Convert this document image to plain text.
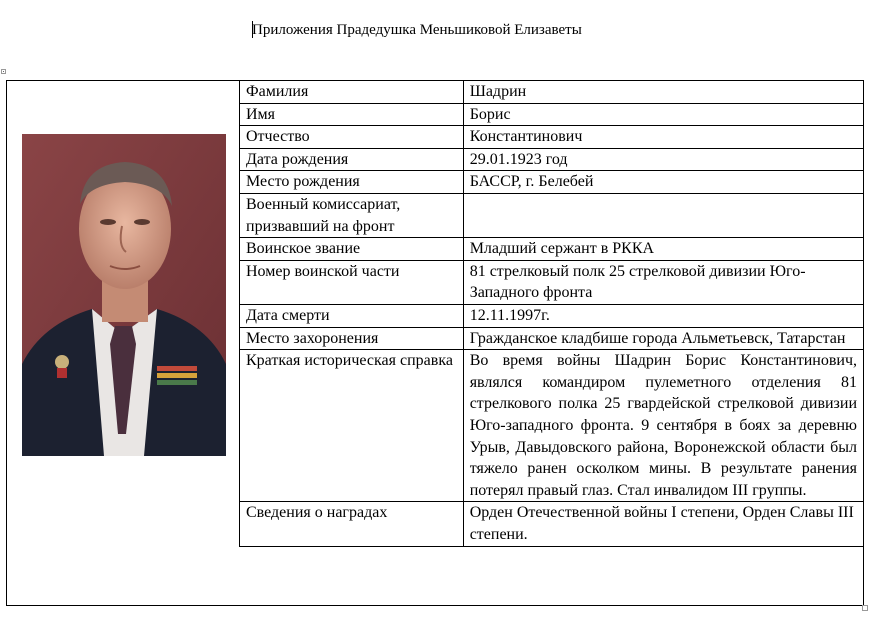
Приложения Прадедушка Меньшиковой Елизаветы
Фамилия	Шадрин
Имя	Борис
Отчество	Константинович
Дата рождения	29.01.1923 год
Место рождения	БАССР, г. Белебей
Военный комиссариат, призвавший на фронт	
Воинское звание	Младший сержант в РККА
Номер воинской части	81 стрелковый полк 25 стрелковой дивизии Юго-Западного фронта
Дата смерти	12.11.1997г.
Место захоронения	Гражданское кладбише города Альметьевск, Татарстан
Краткая историческая справка	Во время войны Шадрин Борис Константинович, являлся командиром пулеметного отделения 81 стрелкового полка 25 гвардейской стрелковой дивизии Юго-западного фронта. 9 сентября в боях за деревню Урыв, Давыдовского района, Воронежской области был тяжело ранен осколком мины. В результате ранения потерял правый глаз. Стал инвалидом III группы.
Сведения о наградах	Орден Отечественной войны I степени, Орден Славы III степени.
